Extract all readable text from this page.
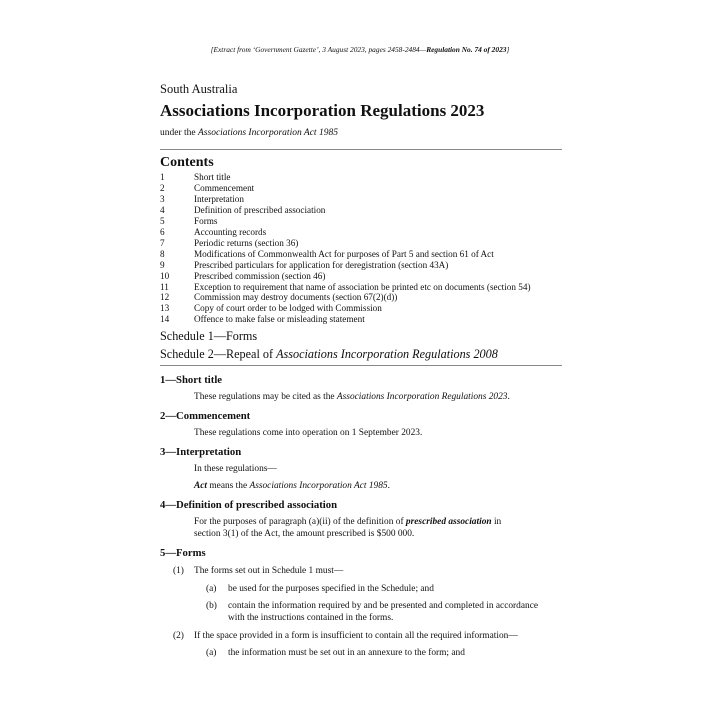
[Extract from ‘Government Gazette’, 3 August 2023, pages 2458-2484—Regulation No. 74 of 2023]
South Australia
Associations Incorporation Regulations 2023
under the Associations Incorporation Act 1985
Contents
1	Short title
2	Commencement
3	Interpretation
4	Definition of prescribed association
5	Forms
6	Accounting records
7	Periodic returns (section 36)
8	Modifications of Commonwealth Act for purposes of Part 5 and section 61 of Act
9	Prescribed particulars for application for deregistration (section 43A)
10	Prescribed commission (section 46)
11	Exception to requirement that name of association be printed etc on documents (section 54)
12	Commission may destroy documents (section 67(2)(d))
13	Copy of court order to be lodged with Commission
14	Offence to make false or misleading statement
Schedule 1—Forms
Schedule 2—Repeal of Associations Incorporation Regulations 2008
1—Short title
These regulations may be cited as the Associations Incorporation Regulations 2023.
2—Commencement
These regulations come into operation on 1 September 2023.
3—Interpretation
In these regulations—
Act means the Associations Incorporation Act 1985.
4—Definition of prescribed association
For the purposes of paragraph (a)(ii) of the definition of prescribed association in
section 3(1) of the Act, the amount prescribed is $500 000.
5—Forms
(1) The forms set out in Schedule 1 must—
(a) be used for the purposes specified in the Schedule; and
(b) contain the information required by and be presented and completed in accordance
with the instructions contained in the forms.
(2) If the space provided in a form is insufficient to contain all the required information—
(a) the information must be set out in an annexure to the form; and
